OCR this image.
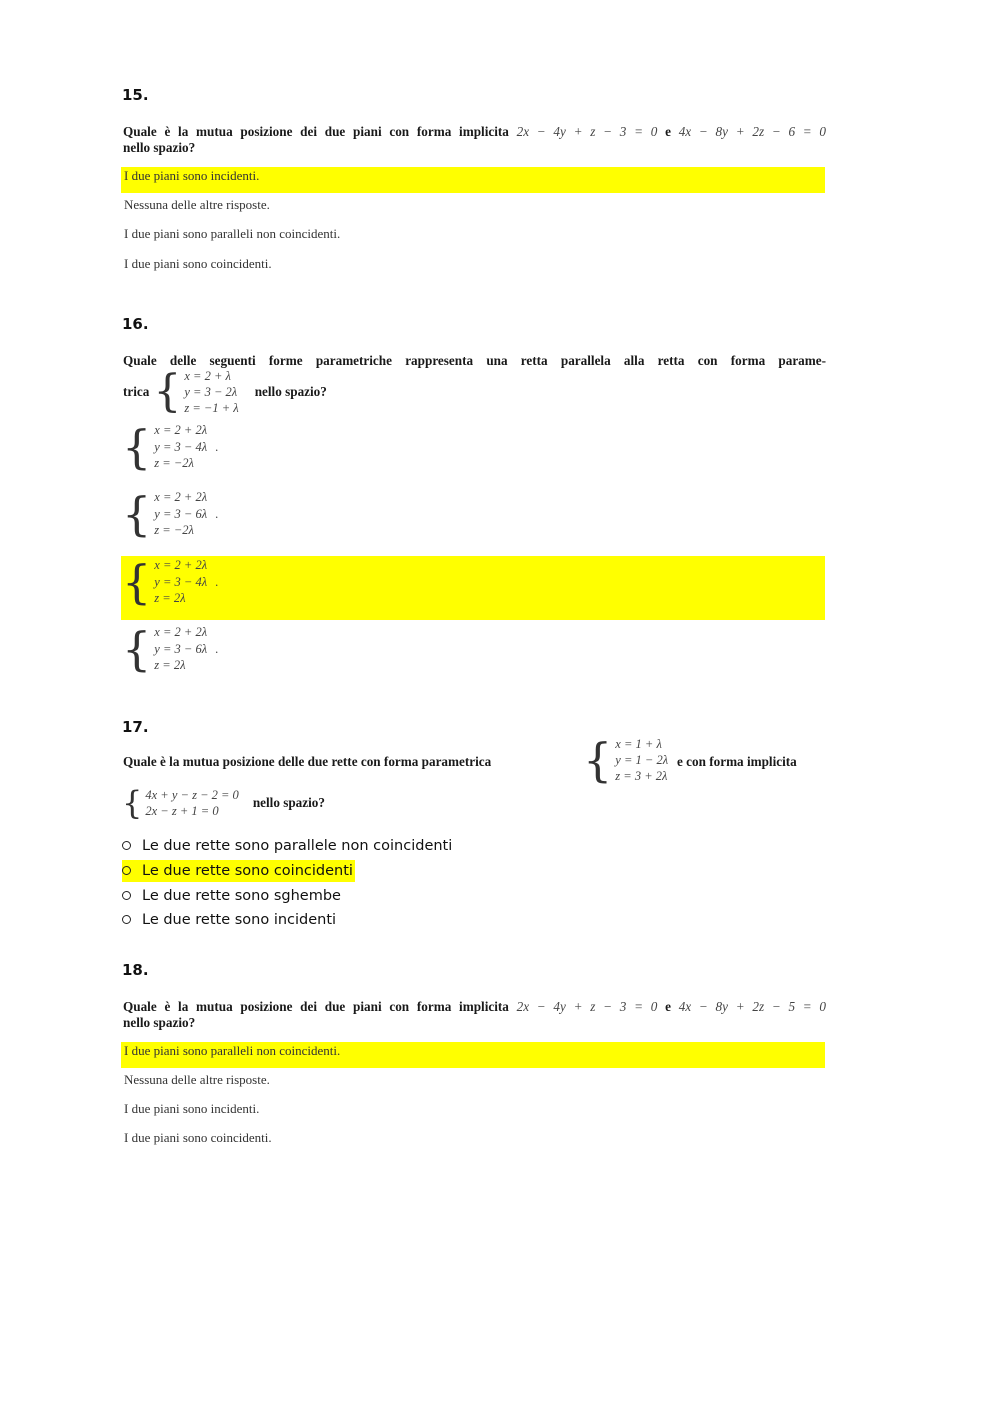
15.
Quale è la mutua posizione dei due piani con forma implicita 2x − 4y + z − 3 = 0 e 4x − 8y + 2z − 6 = 0
nello spazio?
I due piani sono incidenti.
Nessuna delle altre risposte.
I due piani sono paralleli non coincidenti.
I due piani sono coincidenti.
16.
Quale delle seguenti forme parametriche rappresenta una retta parallela alla retta con forma parame-
trica { x = 2 + λ
y = 3 − 2λ
z = −1 + λ
nello spazio?
{ x = 2 + 2λ
y = 3 − 4λ .
z = −2λ
{ x = 2 + 2λ
y = 3 − 6λ .
z = −2λ
{ x = 2 + 2λ
y = 3 − 4λ .
z = 2λ
{ x = 2 + 2λ
y = 3 − 6λ .
z = 2λ
17.
Quale è la mutua posizione delle due rette con forma parametrica	{ x = 1 + λ
y = 1 − 2λ
z = 3 + 2λ
e con forma implicita
{ 4x + y − z − 2 = 0
2x − z + 1 = 0
nello spazio?
Le due rette sono parallele non coincidenti
Le due rette sono coincidenti
Le due rette sono sghembe
Le due rette sono incidenti
18.
Quale è la mutua posizione dei due piani con forma implicita 2x − 4y + z − 3 = 0 e 4x − 8y + 2z − 5 = 0
nello spazio?
I due piani sono paralleli non coincidenti.
Nessuna delle altre risposte.
I due piani sono incidenti.
I due piani sono coincidenti.
